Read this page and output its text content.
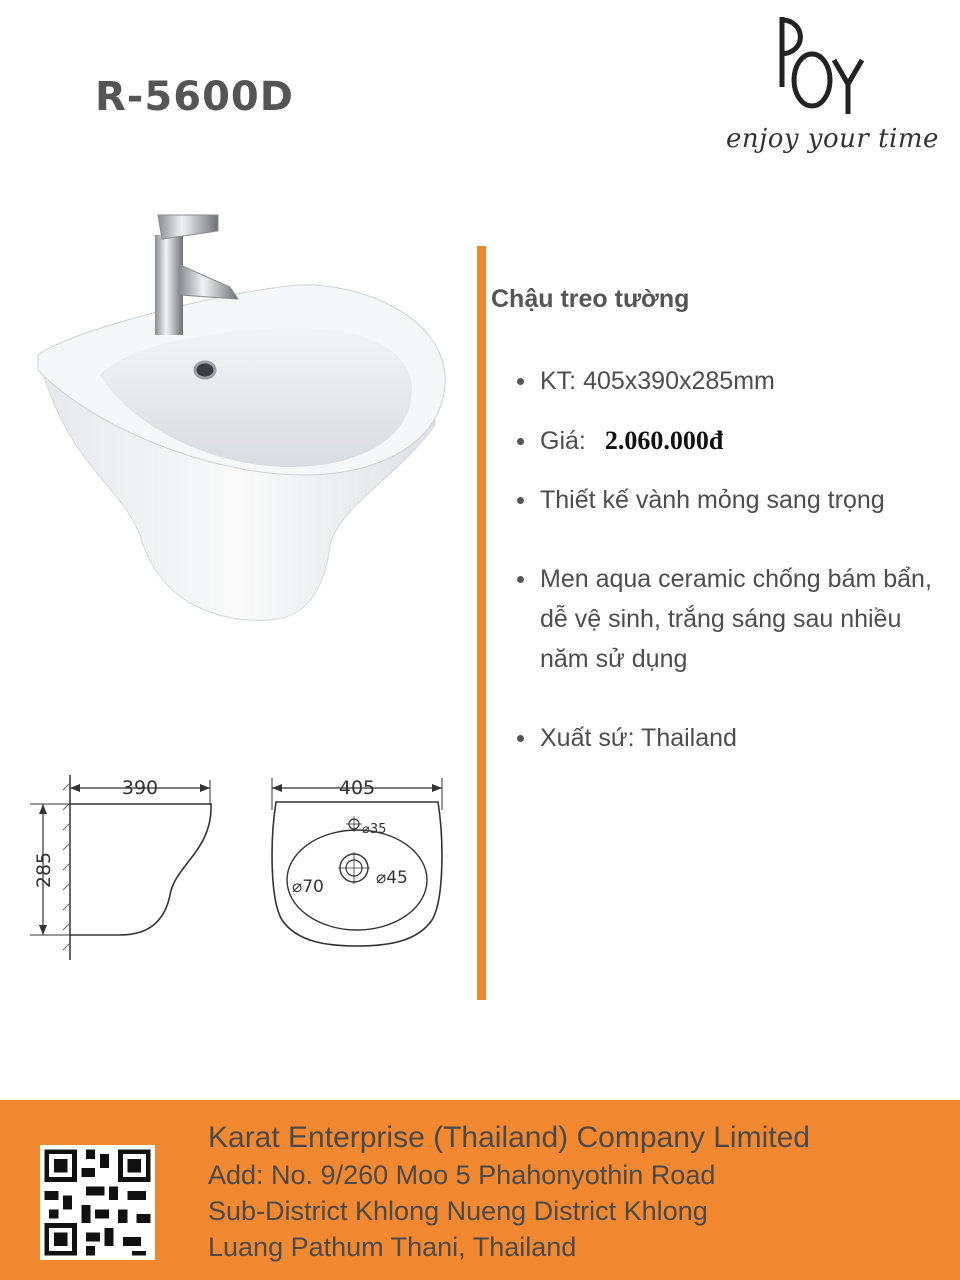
R-5600D
enjoy your time
Chậu treo tường
KT: 405x390x285mm
Giá: 2.060.000đ
Thiết kế vành mỏng sang trọng
Men aqua ceramic chống bám bẩn, dễ vệ sinh, trắng sáng sau nhiều năm sử dụng
Xuất sứ: Thailand
390
285
405
⌀35
⌀70	⌀45
Karat Enterprise (Thailand) Company Limited
Add: No. 9/260 Moo 5 Phahonyothin Road
Sub-District Khlong Nueng District Khlong
Luang Pathum Thani, Thailand
